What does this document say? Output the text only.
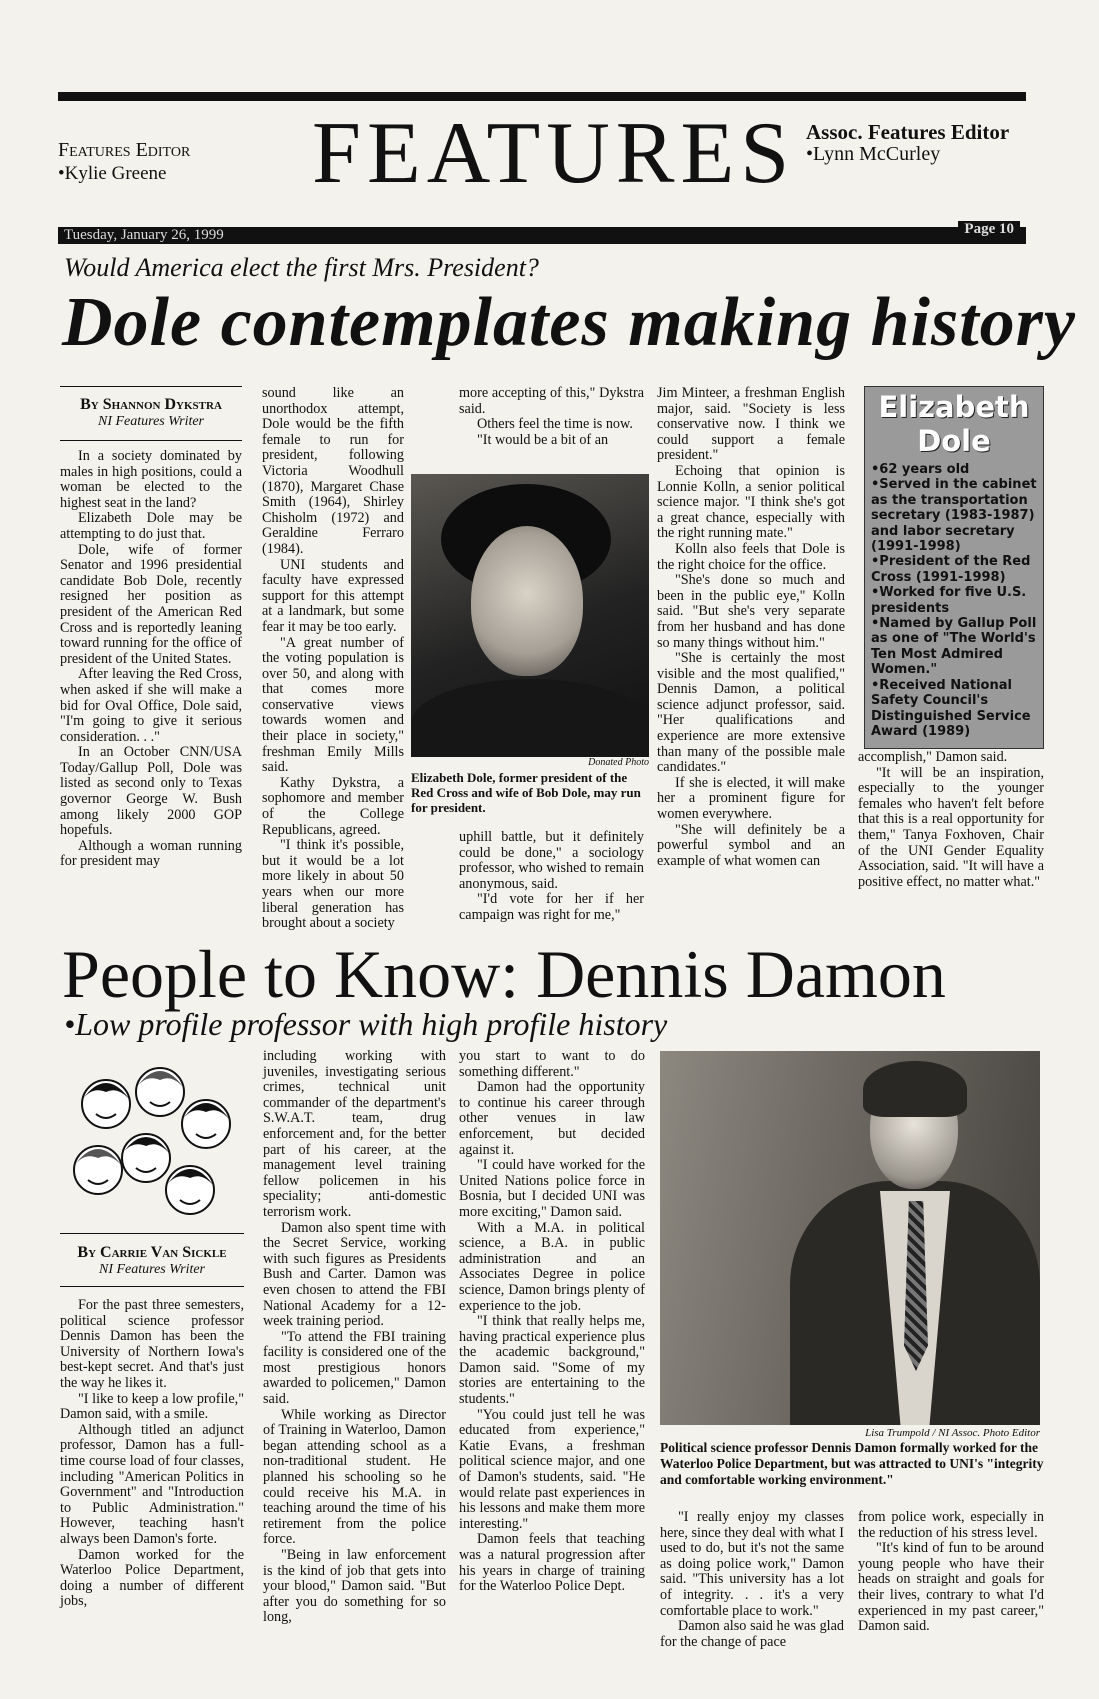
Features Editor
•Kylie Greene FEATURES Assoc. Features Editor
•Lynn McCurley
Tuesday, January 26, 1999	Page 10
Would America elect the first Mrs. President?
Dole contemplates making history
By Shannon Dykstra
NI Features Writer

In a society dominated by males in high positions, could a woman be elected to the highest seat in the land?

Elizabeth Dole may be attempting to do just that.

Dole, wife of former Senator and 1996 presidential candidate Bob Dole, recently resigned her position as president of the American Red Cross and is reportedly leaning toward running for the office of president of the United States.

After leaving the Red Cross, when asked if she will make a bid for Oval Office, Dole said, "I'm going to give it serious consideration. . ."

In an October CNN/USA Today/Gallup Poll, Dole was listed as second only to Texas governor George W. Bush among likely 2000 GOP hopefuls.

Although a woman running for president may

sound like an unorthodox attempt, Dole would be the fifth female to run for president, following Victoria Woodhull (1870), Margaret Chase Smith (1964), Shirley Chisholm (1972) and Geraldine Ferraro (1984).

UNI students and faculty have expressed support for this attempt at a landmark, but some fear it may be too early.

"A great number of the voting population is over 50, and along with that comes more conservative views towards women and their place in society," freshman Emily Mills said.

Kathy Dykstra, a sophomore and member of the College Republicans, agreed.

"I think it's possible, but it would be a lot more likely in about 50 years when our more liberal generation has brought about a society

more accepting of this," Dykstra said.

Others feel the time is now.

"It would be a bit of an

Donated Photo
Elizabeth Dole, former president of the Red Cross and wife of Bob Dole, may run for president.

uphill battle, but it definitely could be done," a sociology professor, who wished to remain anonymous, said.

"I'd vote for her if her campaign was right for me,"

Jim Minteer, a freshman English major, said. "Society is less conservative now. I think we could support a female president."

Echoing that opinion is Lonnie Kolln, a senior political science major. "I think she's got a great chance, especially with the right running mate."

Kolln also feels that Dole is the right choice for the office.

"She's done so much and been in the public eye," Kolln said. "But she's very separate from her husband and has done so many things without him."

"She is certainly the most visible and the most qualified," Dennis Damon, a political science adjunct professor, said. "Her qualifications and experience are more extensive than many of the possible male candidates."

If she is elected, it will make her a prominent figure for women everywhere.

"She will definitely be a powerful symbol and an example of what women can

Elizabeth Dole
•62 years old
•Served in the cabinet as the transportation secretary (1983-1987) and labor secretary (1991-1998)
•President of the Red Cross (1991-1998)
•Worked for five U.S. presidents
•Named by Gallup Poll as one of "The World's Ten Most Admired Women."
•Received National Safety Council's Distinguished Service Award (1989)

accomplish," Damon said.

"It will be an inspiration, especially to the younger females who haven't felt before that this is a real opportunity for them," Tanya Foxhoven, Chair of the UNI Gender Equality Association, said. "It will have a positive effect, no matter what."

People to Know: Dennis Damon
•Low profile professor with high profile history
By Carrie Van Sickle
NI Features Writer

For the past three semesters, political science professor Dennis Damon has been the University of Northern Iowa's best-kept secret. And that's just the way he likes it.

"I like to keep a low profile," Damon said, with a smile.

Although titled an adjunct professor, Damon has a full-time course load of four classes, including "American Politics in Government" and "Introduction to Public Administration." However, teaching hasn't always been Damon's forte.

Damon worked for the Waterloo Police Department, doing a number of different jobs,

including working with juveniles, investigating serious crimes, technical unit commander of the department's S.W.A.T. team, drug enforcement and, for the better part of his career, at the management level training fellow policemen in his speciality; anti-domestic terrorism work.

Damon also spent time with the Secret Service, working with such figures as Presidents Bush and Carter. Damon was even chosen to attend the FBI National Academy for a 12-week training period.

"To attend the FBI training facility is considered one of the most prestigious honors awarded to policemen," Damon said.

While working as Director of Training in Waterloo, Damon began attending school as a non-traditional student. He planned his schooling so he could receive his M.A. in teaching around the time of his retirement from the police force.

"Being in law enforcement is the kind of job that gets into your blood," Damon said. "But after you do something for so long,

you start to want to do something different."

Damon had the opportunity to continue his career through other venues in law enforcement, but decided against it.

"I could have worked for the United Nations police force in Bosnia, but I decided UNI was more exciting," Damon said.

With a M.A. in political science, a B.A. in public administration and an Associates Degree in police science, Damon brings plenty of experience to the job.

"I think that really helps me, having practical experience plus the academic background," Damon said. "Some of my stories are entertaining to the students."

"You could just tell he was educated from experience," Katie Evans, a freshman political science major, and one of Damon's students, said. "He would relate past experiences in his lessons and make them more interesting."

Damon feels that teaching was a natural progression after his years in charge of training for the Waterloo Police Dept.

Lisa Trumpold / NI Assoc. Photo Editor
Political science professor Dennis Damon formally worked for the Waterloo Police Department, but was attracted to UNI's "integrity and comfortable working environment."

"I really enjoy my classes here, since they deal with what I used to do, but it's not the same as doing police work," Damon said. "This university has a lot of integrity. . . it's a very comfortable place to work."

Damon also said he was glad for the change of pace

from police work, especially in the reduction of his stress level.

"It's kind of fun to be around young people who have their heads on straight and goals for their lives, contrary to what I'd experienced in my past career," Damon said.
